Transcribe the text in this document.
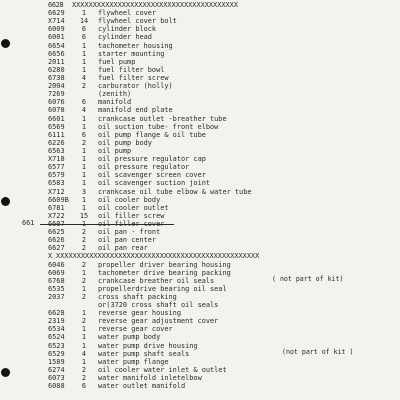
6628	XXXXXXXXXXXXXXXXXXXXXXXXXXXXXXXXXXXXXXXX
6629	1	flywheel cover
X714	14	flywheel cover bolt
6009	6	cylinder block
6001	6	cylinder head
6654	1	tachometer housing
6656	1	starter mounting
2011	1	fuel pump
6280	1	fuel filter bowl
6738	4	fuel filter screw
2004	2	carburator (holly)
7269	(zenith)
6076	6	manifold
6078	4	manifold end plate
6601	1	crankcase outlet -breather tube
6569	1	oil suction tube- front elbow
6111	6	oil pump flange & oil tube
6226	2	oil pump body
6563	1	oil pump
X718	1	oil pressure regulator cap
6577	1	oil pressure regulator
6579	1	oil scavenger screen cover
6583	1	oil scavenger suction joint
X712	3	crankcase oil tube elbow & water tube
6609B	1	oil cooler body
6781	1	oil cooler outlet
X722	15	oil filler screw
6607	1	oil filler cover
6625	2	oil pan - front
6626	2	oil pan center
6627	2	oil pan rear
X XXXXXXXXXXXXXXXXXXXXXXXXXXXXXXXXXXXXXXXXXXXXXXXXX
6046	2	propeller driver bearing housing
6069	1	tachometer drive bearing packing
6768	2	crankcase breather oil seals
6535	1	propellerdrive bearing oil seal
2037	2	cross shaft packing
or(3720 cross shaft oil seals
6628	1	reverse gear housing
2319	2	reverse gear adjustment cover
6534	1	reverse gear cover
6524	1	water pump body
6523	1	water pump drive housing
6529	4	water pump shaft seals
1589	1	water pump flange
6274	2	oil cooler water inlet & outlet
6073	2	water manifold inletelbow
6088	6	water outlet manifold
661
( not part of kit)
(not part of kit )
